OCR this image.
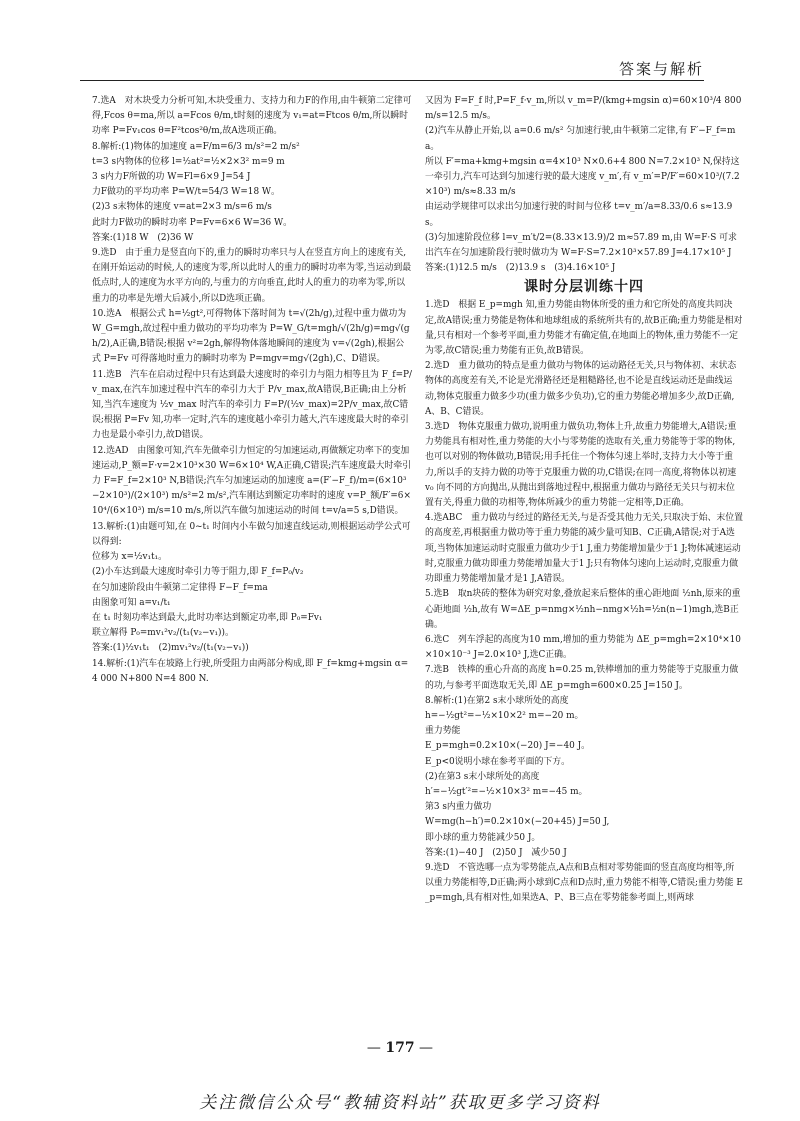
答案与解析

7.选A　对木块受力分析可知,木块受重力、支持力和力F的作用,由牛顿第二定律可得,Fcos θ=ma,所以 a=Fcos θ/m,t时刻的速度为 v₁=at=Ftcos θ/m,所以瞬时功率 P=Fv₁cos θ=F²tcos²θ/m,故A选项正确。

8.解析:(1)物体的加速度 a=F/m=6/3 m/s²=2 m/s²

t=3 s内物体的位移 l=½at²=½×2×3² m=9 m

3 s内力F所做的功 W=Fl=6×9 J=54 J

力F做功的平均功率 P=W/t=54/3 W=18 W。

(2)3 s末物体的速度 v=at=2×3 m/s=6 m/s

此时力F做功的瞬时功率 P=Fv=6×6 W=36 W。

答案:(1)18 W　(2)36 W

9.选D　由于重力是竖直向下的,重力的瞬时功率只与人在竖直方向上的速度有关,在刚开始运动的时候,人的速度为零,所以此时人的重力的瞬时功率为零,当运动到最低点时,人的速度为水平方向的,与重力的方向垂直,此时人的重力的功率为零,所以重力的功率是先增大后减小,所以D选项正确。

10.选A　根据公式 h=½gt²,可得物体下落时间为 t=√(2h/g),过程中重力做功为 W_G=mgh,故过程中重力做功的平均功率为 P=W_G/t=mgh/√(2h/g)=mg√(gh/2),A正确,B错误;根据 v²=2gh,解得物体落地瞬间的速度为 v=√(2gh),根据公式 P=Fv 可得落地时重力的瞬时功率为 P=mgv=mg√(2gh),C、D错误。

11.选B　汽车在启动过程中只有达到最大速度时的牵引力与阻力相等且为 F_f=P/v_max,在汽车加速过程中汽车的牵引力大于 P/v_max,故A错误,B正确;由上分析知,当汽车速度为 ½v_max 时汽车的牵引力 F=P/(½v_max)=2P/v_max,故C错误;根据 P=Fv 知,功率一定时,汽车的速度越小牵引力越大,汽车速度最大时的牵引力也是最小牵引力,故D错误。

12.选AD　由图象可知,汽车先做牵引力恒定的匀加速运动,再做额定功率下的变加速运动,P_额=F·v=2×10³×30 W=6×10⁴ W,A正确,C错误;汽车速度最大时牵引力 F=F_f=2×10³ N,B错误;汽车匀加速运动的加速度 a=(F′−F_f)/m=(6×10³−2×10³)/(2×10³) m/s²=2 m/s²,汽车刚达到额定功率时的速度 v=P_额/F′=6×10⁴/(6×10³) m/s=10 m/s,所以汽车做匀加速运动的时间 t=v/a=5 s,D错误。

13.解析:(1)由题可知,在 0~t₁ 时间内小车做匀加速直线运动,则根据运动学公式可以得到:

位移为 x=½v₁t₁。

(2)小车达到最大速度时牵引力等于阻力,即 F_f=P₀/v₂

在匀加速阶段由牛顿第二定律得 F−F_f=ma

由图象可知 a=v₁/t₁

在 t₁ 时刻功率达到最大,此时功率达到额定功率,即 P₀=Fv₁

联立解得 P₀=mv₁²v₂/(t₁(v₂−v₁))。

答案:(1)½v₁t₁　(2)mv₁²v₂/(t₁(v₂−v₁))

14.解析:(1)汽车在坡路上行驶,所受阻力由两部分构成,即 F_f=kmg+mgsin α=4 000 N+800 N=4 800 N.

又因为 F=F_f 时,P=F_f·v_m,所以 v_m=P/(kmg+mgsin α)=60×10³/4 800 m/s=12.5 m/s。

(2)汽车从静止开始,以 a=0.6 m/s² 匀加速行驶,由牛顿第二定律,有 F′−F_f=ma。

所以 F′=ma+kmg+mgsin α=4×10³ N×0.6+4 800 N=7.2×10³ N,保持这一牵引力,汽车可达到匀加速行驶的最大速度 v_m′,有 v_m′=P/F′=60×10³/(7.2×10³) m/s≈8.33 m/s

由运动学规律可以求出匀加速行驶的时间与位移 t=v_m′/a=8.33/0.6 s≈13.9 s。

(3)匀加速阶段位移 l=v_m′t/2=(8.33×13.9)/2 m≈57.89 m,由 W=F·S 可求出汽车在匀加速阶段行驶时做功为 W=F·S=7.2×10³×57.89 J=4.17×10⁵ J

答案:(1)12.5 m/s　(2)13.9 s　(3)4.16×10⁵ J

课时分层训练十四

1.选D　根据 E_p=mgh 知,重力势能由物体所受的重力和它所处的高度共同决定,故A错误;重力势能是物体和地球组成的系统所共有的,故B正确;重力势能是相对量,只有相对一个参考平面,重力势能才有确定值,在地面上的物体,重力势能不一定为零,故C错误;重力势能有正负,故B错误。

2.选D　重力做功的特点是重力做功与物体的运动路径无关,只与物体初、末状态物体的高度差有关,不论是光滑路径还是粗糙路径,也不论是直线运动还是曲线运动,物体克服重力做多少功(重力做多少负功),它的重力势能必增加多少,故D正确,A、B、C错误。

3.选D　物体克服重力做功,说明重力做负功,物体上升,故重力势能增大,A错误;重力势能具有相对性,重力势能的大小与零势能的选取有关,重力势能等于零的物体,也可以对别的物体做功,B错误;用手托住一个物体匀速上举时,支持力大小等于重力,所以手的支持力做的功等于克服重力做的功,C错误;在同一高度,将物体以初速 v₀ 向不同的方向抛出,从抛出到落地过程中,根据重力做功与路径无关只与初末位置有关,得重力做的功相等,物体所减少的重力势能一定相等,D正确。

4.选ABC　重力做功与经过的路径无关,与是否受其他力无关,只取决于始、末位置的高度差,再根据重力做功等于重力势能的减少量可知B、C正确,A错误;对于A选项,当物体加速运动时克服重力做功少于1 J,重力势能增加量少于1 J;物体减速运动时,克服重力做功即重力势能增加量大于1 J;只有物体匀速向上运动时,克服重力做功即重力势能增加量才是1 J,A错误。

5.选B　取n块砖的整体为研究对象,叠放起来后整体的重心距地面 ½nh,原来的重心距地面 ½h,故有 W=ΔE_p=nmg×½nh−nmg×½h=½n(n−1)mgh,选B正确。

6.选C　列车浮起的高度为10 mm,增加的重力势能为 ΔE_p=mgh=2×10⁴×10×10×10⁻³ J=2.0×10³ J,选C正确。

7.选B　铁棒的重心升高的高度 h=0.25 m,铁棒增加的重力势能等于克服重力做的功,与参考平面选取无关,即 ΔE_p=mgh=600×0.25 J=150 J。

8.解析:(1)在第2 s末小球所处的高度

h=−½gt²=−½×10×2² m=−20 m。

重力势能

E_p=mgh=0.2×10×(−20) J=−40 J。

E_p<0说明小球在参考平面的下方。

(2)在第3 s末小球所处的高度

h′=−½gt′²=−½×10×3² m=−45 m。

第3 s内重力做功

W=mg(h−h′)=0.2×10×(−20+45) J=50 J,

即小球的重力势能减少50 J。

答案:(1)−40 J　(2)50 J　减少50 J

9.选D　不管选哪一点为零势能点,A点和B点相对零势能面的竖直高度均相等,所以重力势能相等,D正确;两小球到C点和D点时,重力势能不相等,C错误;重力势能 E_p=mgh,具有相对性,如果选A、P、B三点在零势能参考面上,则两球

— 177 —
关注微信公众号“教辅资料站”获取更多学习资料
